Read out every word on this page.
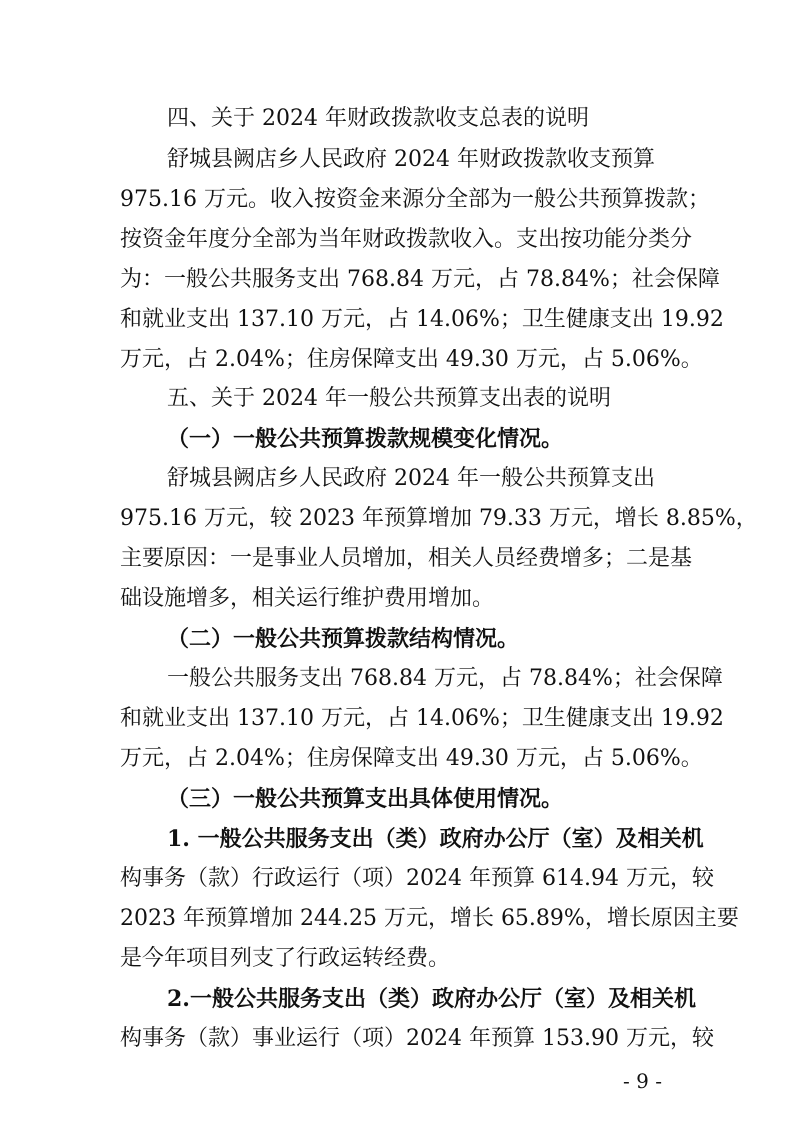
四、关于 2024 年财政拨款收支总表的说明
舒城县阙店乡人民政府 2024 年财政拨款收支预算
975.16 万元。收入按资金来源分全部为一般公共预算拨款；
按资金年度分全部为当年财政拨款收入。支出按功能分类分
为：一般公共服务支出 768.84 万元，占 78.84%；社会保障
和就业支出 137.10 万元，占 14.06%；卫生健康支出 19.92
万元，占 2.04%；住房保障支出 49.30 万元，占 5.06%。
五、关于 2024 年一般公共预算支出表的说明
（一）一般公共预算拨款规模变化情况。
舒城县阙店乡人民政府 2024 年一般公共预算支出
975.16 万元，较 2023 年预算增加 79.33 万元，增长 8.85%，
主要原因：一是事业人员增加，相关人员经费增多；二是基
础设施增多，相关运行维护费用增加。
（二）一般公共预算拨款结构情况。
一般公共服务支出 768.84 万元，占 78.84%；社会保障
和就业支出 137.10 万元，占 14.06%；卫生健康支出 19.92
万元，占 2.04%；住房保障支出 49.30 万元，占 5.06%。
（三）一般公共预算支出具体使用情况。
1. 一般公共服务支出（类）政府办公厅（室）及相关机
构事务（款）行政运行（项）2024 年预算 614.94 万元，较
2023 年预算增加 244.25 万元，增长 65.89%，增长原因主要
是今年项目列支了行政运转经费。
2.一般公共服务支出（类）政府办公厅（室）及相关机
构事务（款）事业运行（项）2024 年预算 153.90 万元，较
- 9 -
